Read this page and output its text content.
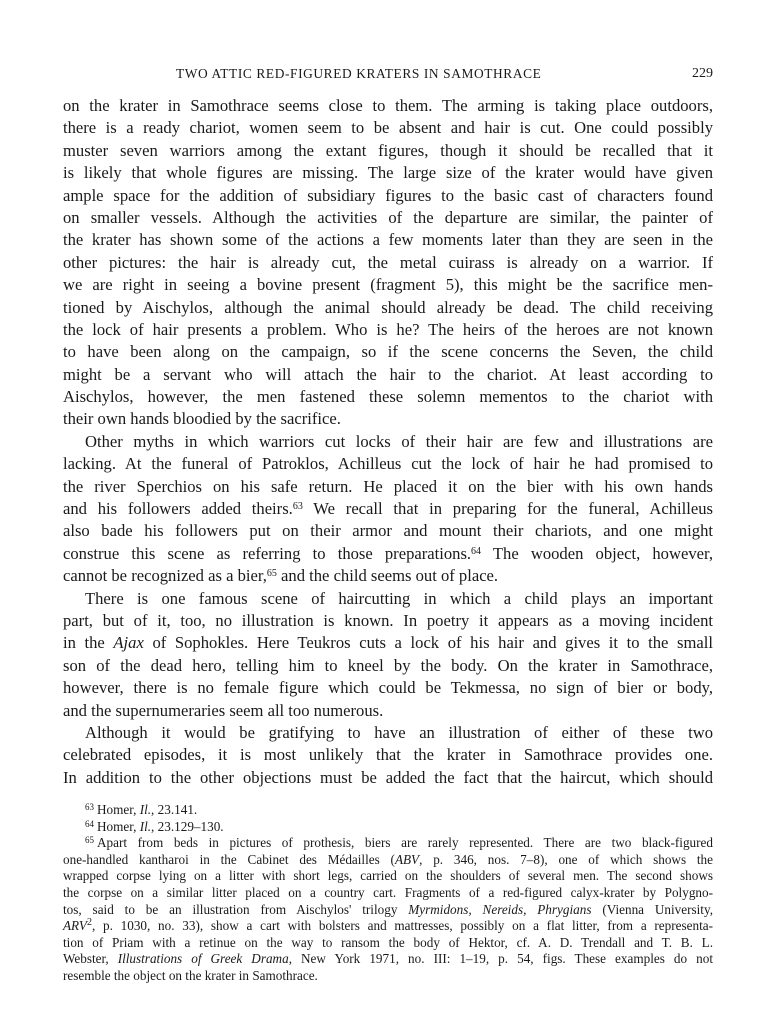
TWO ATTIC RED-FIGURED KRATERS IN SAMOTHRACE	229
on the krater in Samothrace seems close to them. The arming is taking place outdoors,
there is a ready chariot, women seem to be absent and hair is cut. One could possibly
muster seven warriors among the extant figures, though it should be recalled that it
is likely that whole figures are missing. The large size of the krater would have given
ample space for the addition of subsidiary figures to the basic cast of characters found
on smaller vessels. Although the activities of the departure are similar, the painter of
the krater has shown some of the actions a few moments later than they are seen in the
other pictures: the hair is already cut, the metal cuirass is already on a warrior. If
we are right in seeing a bovine present (fragment 5), this might be the sacrifice men-
tioned by Aischylos, although the animal should already be dead. The child receiving
the lock of hair presents a problem. Who is he? The heirs of the heroes are not known
to have been along on the campaign, so if the scene concerns the Seven, the child
might be a servant who will attach the hair to the chariot. At least according to
Aischylos, however, the men fastened these solemn mementos to the chariot with
their own hands bloodied by the sacrifice.
Other myths in which warriors cut locks of their hair are few and illustrations are
lacking. At the funeral of Patroklos, Achilleus cut the lock of hair he had promised to
the river Sperchios on his safe return. He placed it on the bier with his own hands
and his followers added theirs.$^{63}$ We recall that in preparing for the funeral, Achilleus
also bade his followers put on their armor and mount their chariots, and one might
construe this scene as referring to those preparations.$^{64}$ The wooden object, however,
cannot be recognized as a bier,$^{65}$ and the child seems out of place.
There is one famous scene of haircutting in which a child plays an important
part, but of it, too, no illustration is known. In poetry it appears as a moving incident
in the Ajax of Sophokles. Here Teukros cuts a lock of his hair and gives it to the small
son of the dead hero, telling him to kneel by the body. On the krater in Samothrace,
however, there is no female figure which could be Tekmessa, no sign of bier or body,
and the supernumeraries seem all too numerous.
Although it would be gratifying to have an illustration of either of these two
celebrated episodes, it is most unlikely that the krater in Samothrace provides one.
In addition to the other objections must be added the fact that the haircut, which should
$^{63}$ Homer, Il., 23.141.
$^{64}$ Homer, Il., 23.129–130.
$^{65}$ Apart from beds in pictures of prothesis, biers are rarely represented. There are two black-figured
one-handled kantharoi in the Cabinet des Médailles (ABV, p. 346, nos. 7–8), one of which shows the
wrapped corpse lying on a litter with short legs, carried on the shoulders of several men. The second shows
the corpse on a similar litter placed on a country cart. Fragments of a red-figured calyx-krater by Polygno-
tos, said to be an illustration from Aischylos' trilogy Myrmidons, Nereids, Phrygians (Vienna University,
ARV$^2$, p. 1030, no. 33), show a cart with bolsters and mattresses, possibly on a flat litter, from a representa-
tion of Priam with a retinue on the way to ransom the body of Hektor, cf. A. D. Trendall and T. B. L.
Webster, Illustrations of Greek Drama, New York 1971, no. III: 1–19, p. 54, figs. These examples do not
resemble the object on the krater in Samothrace.
